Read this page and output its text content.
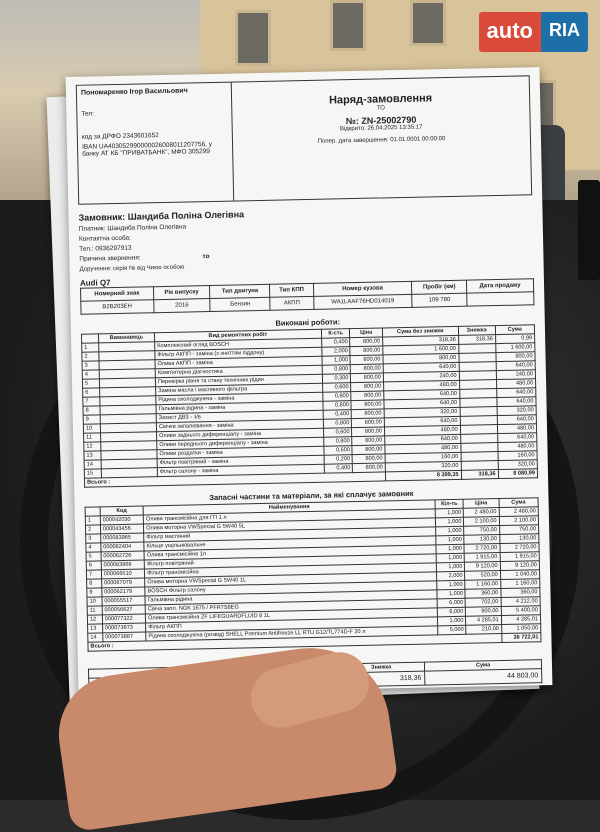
auto RIA
Пономаренко Ігор Васильович
Тел:
код за ДРФО 2343601652
IBAN UA403052990000026008011207756, у банку АТ КБ "ПРИВАТБАНК", МФО 305299
Наряд-замовлення
ТО
№: ZN-25002790
Відкрито: 26.04.2025 13:35:17
Попер. дата завершення: 01.01.0001 00:00:00
Замовник: Шандиба Поліна Олегівна
Платник: Шандиба Поліна Олегівна
Контактна особа:
Тел.: 0936297913
Причина звернення:	то
Доручення: серія № від Чиєю особою
Audi Q7
Номерний знак	Рік випуску	Тип двигуна	Тип КПП	Номер кузова	Пробіг (км)	Дата продажу
В2В203ЕН	2016	Бензин	АКПП	WA1LAAF76HD014019	109 780	
Виконані роботи:
	Виконавець	Вид ремонтних робіт	К-сть	Ціна	Сума без знижки	Знижка	Сума
1		Комплексний огляд BOSCH	0,400	800,00	318,36	318,36	0,99
2		Фільтр АКПП - заміна (з зняттям піддону)	2,000	800,00	1 600,00		1 600,00
3		Олива АКПП - заміна	1,000	800,00	800,00		800,00
4		Комп'ютерна діагностика	0,800	800,00	640,00		640,00
5		Перевірка рівня та стану технічних рідин	0,300	800,00	240,00		240,00
6		Заміна масла і масляного фільтра	0,600	800,00	480,00		480,00
7		Рідина охолоджуюча - заміна	0,800	800,00	640,00		640,00
8		Гальмівна рідина - заміна	0,800	800,00	640,00		640,00
9		Захист ДВЗ - з/в	0,400	800,00	320,00		320,00
10		Свічки запалювання - заміна	0,800	800,00	640,00		640,00
11		Оливи заднього диференціалу - заміна	0,600	800,00	480,00		480,00
12		Оливи переднього диференціалу - заміна	0,800	800,00	640,00		640,00
13		Оливи роздатки - заміна	0,600	800,00	480,00		480,00
14		Фільтр повітряний - заміна	0,200	800,00	160,00		160,00
15		Фільтр салону - заміна	0,400	800,00	320,00		320,00
Всього :					8 399,35	318,36	8 080,99
Запасні частини та матеріали, за які сплачує замовник
	Код	Найменування	Кіл-ть	Ціна	Сума
1	000042030	Олива трансмісійна для ГП 1 л	1,000	2 480,00	2 480,00
2	000043456	Олива моторна VWSpecial G 5W40 5L	1,000	2 100,00	2 100,00
3	000083965	Фільтр масляний	1,000	750,00	750,00
4	000062404	Кільце ущільнювальне	1,000	130,00	130,00
5	000062726	Олива трансмісійна 1л	1,000	2 720,00	2 720,00
6	000083966	Фільтр повітряний	1,000	1 915,00	1 915,00
7	000066510	Фільтр трансмісійна	1,000	9 120,00	9 120,00
8	000067079	Олива моторна VWSpecial G 5W40 1L	2,000	520,00	1 040,00
9	000062179	BOSCH Фільтр салону	1,000	1 160,00	1 160,00
10	000055517	Гальмівна рідина	1,000	360,00	360,00
11	000056627	Свіча запл. NGK 1675 / PFR7S8EG	6,000	702,00	4 212,00
12	000077322	Олива трансмісійна ZF LIFEGUARDFLUID 8 1L	6,000	900,00	5 400,00
13	000073673	Фільтр АКПП	1,000	4 285,01	4 285,01
14	000073887	Рідина охолоджуюча (розвід) SHELL Premium Antifreeze LL RTU G12/TL774D-F 20 л	5,000	210,00	1 050,00
Всього :					36 722,01
	Знижка	Сума
	318,36	44 803,00
